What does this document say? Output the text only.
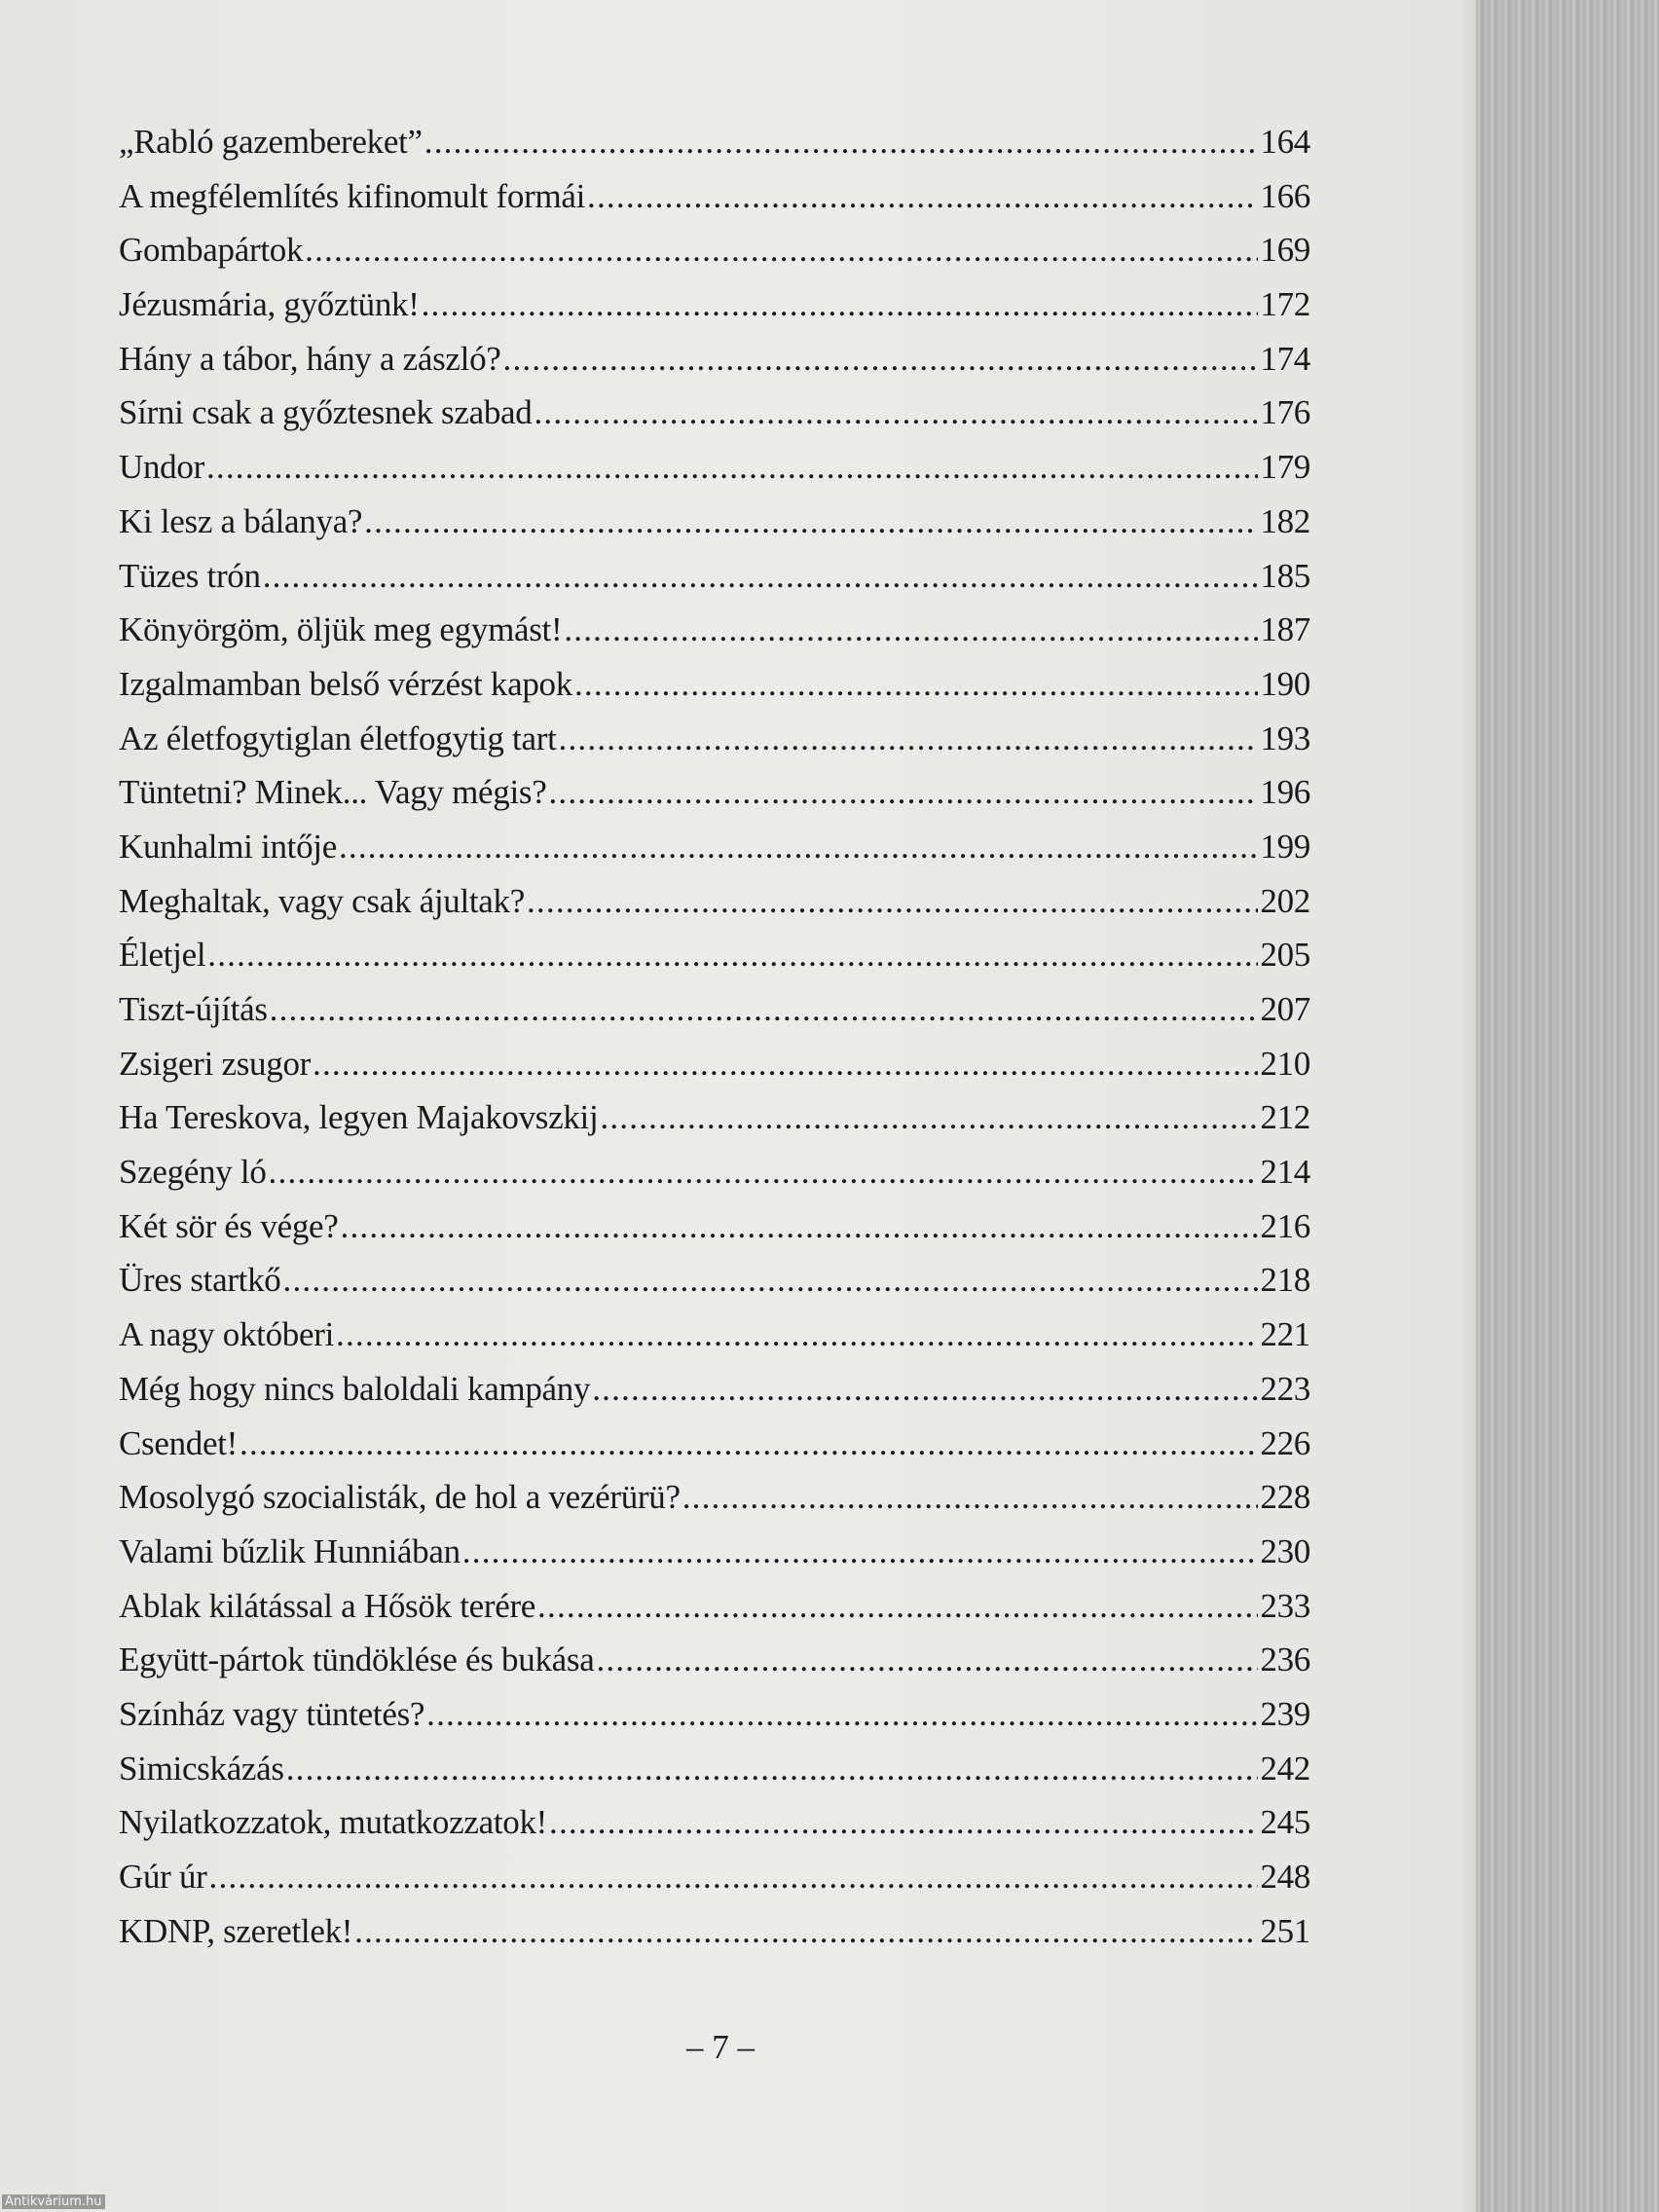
„Rabló gazembereket” .....	164
A megfélemlítés kifinomult formái .....	166
Gombapártok .....	169
Jézusmária, győztünk! .....	172
Hány a tábor, hány a zászló? .....	174
Sírni csak a győztesnek szabad .....	176
Undor .....	179
Ki lesz a bálanya? .....	182
Tüzes trón .....	185
Könyörgöm, öljük meg egymást! .....	187
Izgalmamban belső vérzést kapok .....	190
Az életfogytiglan életfogytig tart .....	193
Tüntetni? Minek... Vagy mégis? .....	196
Kunhalmi intője .....	199
Meghaltak, vagy csak ájultak? .....	202
Életjel .....	205
Tiszt-újítás .....	207
Zsigeri zsugor .....	210
Ha Tereskova, legyen Majakovszkij .....	212
Szegény ló .....	214
Két sör és vége? .....	216
Üres startkő .....	218
A nagy októberi .....	221
Még hogy nincs baloldali kampány .....	223
Csendet! .....	226
Mosolygó szocialisták, de hol a vezérürü? .....	228
Valami bűzlik Hunniában .....	230
Ablak kilátással a Hősök terére .....	233
Együtt-pártok tündöklése és bukása .....	236
Színház vagy tüntetés? .....	239
Simicskázás .....	242
Nyilatkozzatok, mutatkozzatok! .....	245
Gúr úr .....	248
KDNP, szeretlek! .....	251
– 7 –
Antikvárium.hu
